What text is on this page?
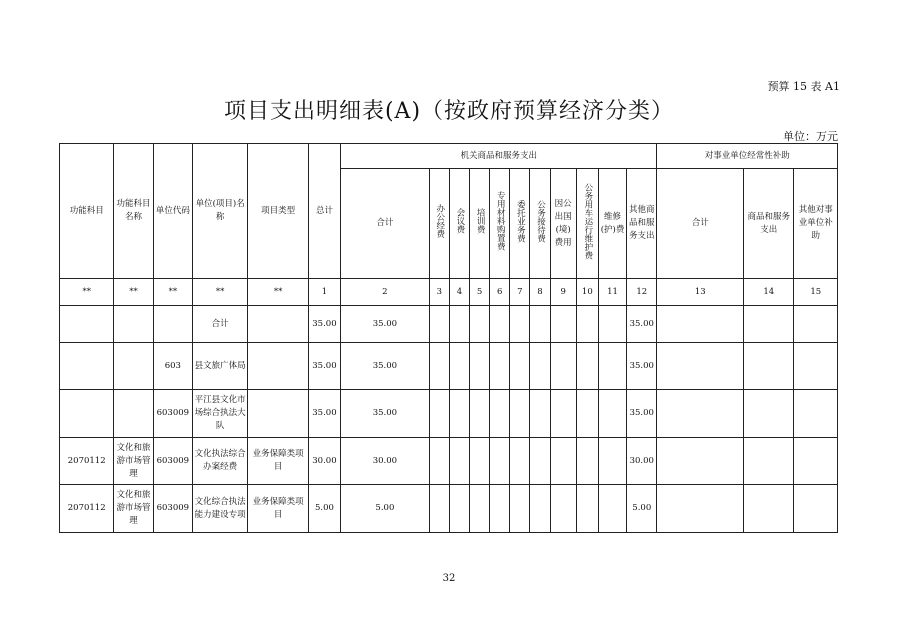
预算 15 表 A1
项目支出明细表(A)（按政府预算经济分类）
单位：万元
功能科目	功能科目名称	单位代码	单位(项目)名称	项目类型	总计	机关商品和服务支出											对事业单位经常性补助		
						合计	办公经费	会议费	培训费	专用材料购置费	委托业务费	公务接待费	因公出国(境)费用	公务用车运行维护费	维修(护)费	其他商品和服务支出	合计	商品和服务支出	其他对事业单位补助
**	**	**	**	**	1	2	3	4	5	6	7	8	9	10	11	12	13	14	15
			合计		35.00	35.00										35.00			
		603	县文旅广体局		35.00	35.00										35.00			
		603009	平江县文化市场综合执法大队		35.00	35.00										35.00			
2070112	文化和旅游市场管理	603009	文化执法综合办案经费	业务保障类项目	30.00	30.00										30.00			
2070112	文化和旅游市场管理	603009	文化综合执法能力建设专项	业务保障类项目	5.00	5.00										5.00			
32
